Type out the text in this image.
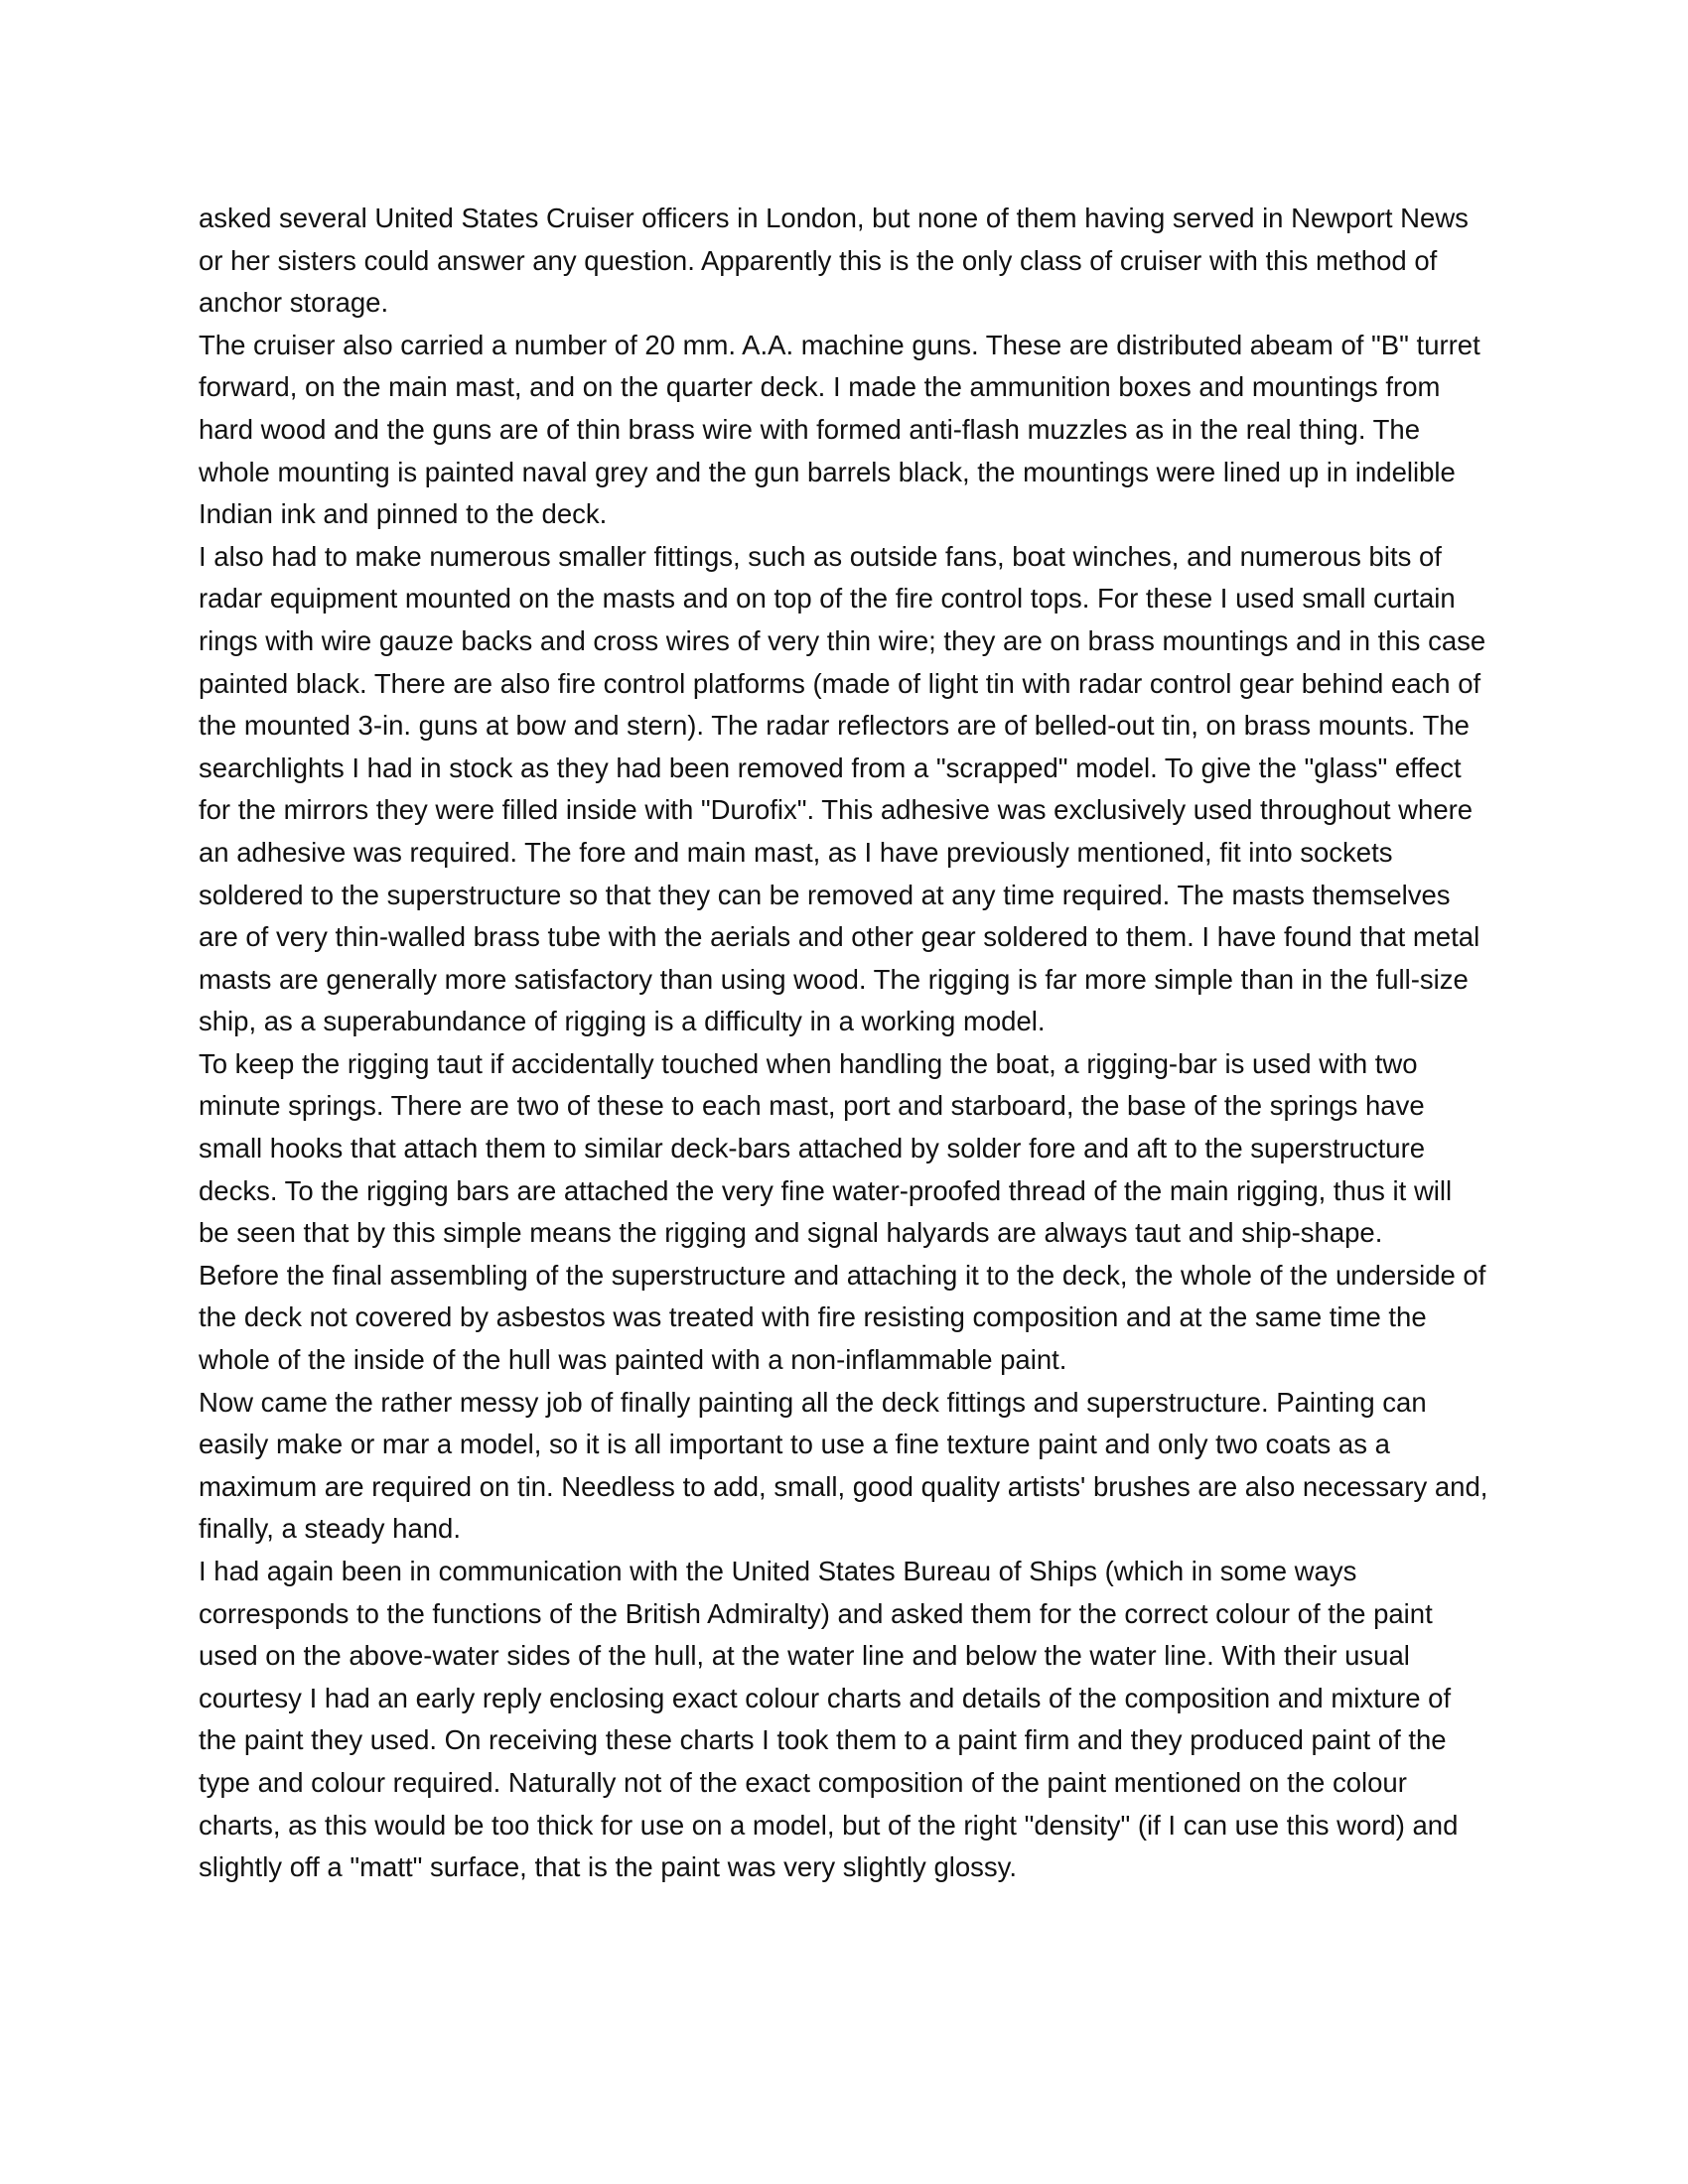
asked several United States Cruiser officers in London, but none of them having served in Newport News or her sisters could answer any question. Apparently this is the only class of cruiser with this method of anchor storage.

The cruiser also carried a number of 20 mm. A.A. machine guns. These are distributed abeam of "B" turret forward, on the main mast, and on the quarter deck. I made the ammunition boxes and mountings from hard wood and the guns are of thin brass wire with formed anti-flash muzzles as in the real thing. The whole mounting is painted naval grey and the gun barrels black, the mountings were lined up in indelible Indian ink and pinned to the deck.

I also had to make numerous smaller fittings, such as outside fans, boat winches, and numerous bits of radar equipment mounted on the masts and on top of the fire control tops. For these I used small curtain rings with wire gauze backs and cross wires of very thin wire; they are on brass mountings and in this case painted black. There are also fire control platforms (made of light tin with radar control gear behind each of the mounted 3-in. guns at bow and stern). The radar reflectors are of belled-out tin, on brass mounts. The searchlights I had in stock as they had been removed from a "scrapped" model. To give the "glass" effect for the mirrors they were filled inside with "Durofix". This adhesive was exclusively used throughout where an adhesive was required. The fore and main mast, as I have previously mentioned, fit into sockets soldered to the superstructure so that they can be removed at any time required. The masts themselves are of very thin-walled brass tube with the aerials and other gear soldered to them. I have found that metal masts are generally more satisfactory than using wood. The rigging is far more simple than in the full-size ship, as a superabundance of rigging is a difficulty in a working model.

To keep the rigging taut if accidentally touched when handling the boat, a rigging-bar is used with two minute springs. There are two of these to each mast, port and starboard, the base of the springs have small hooks that attach them to similar deck-bars attached by solder fore and aft to the superstructure decks. To the rigging bars are attached the very fine water-proofed thread of the main rigging, thus it will be seen that by this simple means the rigging and signal halyards are always taut and ship-shape.

Before the final assembling of the superstructure and attaching it to the deck, the whole of the underside of the deck not covered by asbestos was treated with fire resisting composition and at the same time the whole of the inside of the hull was painted with a non-inflammable paint.

Now came the rather messy job of finally painting all the deck fittings and superstructure. Painting can easily make or mar a model, so it is all important to use a fine texture paint and only two coats as a maximum are required on tin. Needless to add, small, good quality artists' brushes are also necessary and, finally, a steady hand.

I had again been in communication with the United States Bureau of Ships (which in some ways corresponds to the functions of the British Admiralty) and asked them for the correct colour of the paint used on the above-water sides of the hull, at the water line and below the water line. With their usual courtesy I had an early reply enclosing exact colour charts and details of the composition and mixture of the paint they used. On receiving these charts I took them to a paint firm and they produced paint of the type and colour required. Naturally not of the exact composition of the paint mentioned on the colour charts, as this would be too thick for use on a model, but of the right "density" (if I can use this word) and slightly off a "matt" surface, that is the paint was very slightly glossy.
